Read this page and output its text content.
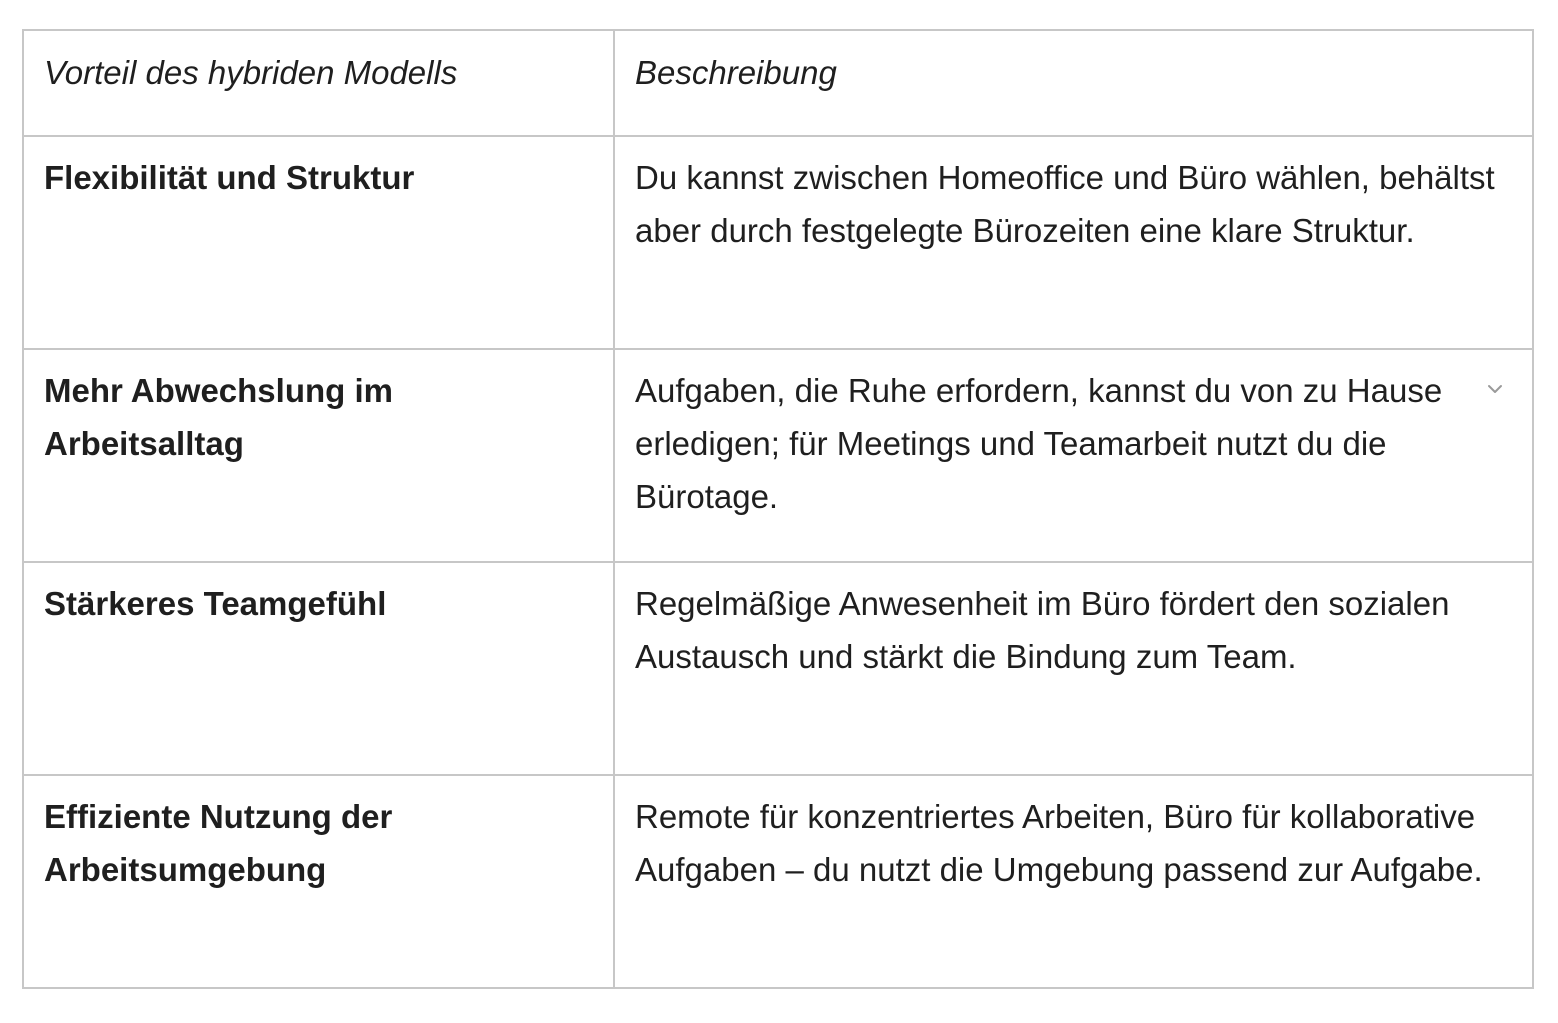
Vorteil des hybriden Modells	Beschreibung
Flexibilität und Struktur	Du kannst zwischen Homeoffice und Büro wählen, behältst aber durch festgelegte Bürozeiten eine klare Struktur.
Mehr Abwechslung im Arbeitsalltag	Aufgaben, die Ruhe erfordern, kannst du von zu Hause erledigen; für Meetings und Teamarbeit nutzt du die Bürotage.

Stärkeres Teamgefühl	Regelmäßige Anwesenheit im Büro fördert den sozialen Austausch und stärkt die Bindung zum Team.
Effiziente Nutzung der Arbeitsumgebung	Remote für konzentriertes Arbeiten, Büro für kollaborative Aufgaben – du nutzt die Umgebung passend zur Aufgabe.
